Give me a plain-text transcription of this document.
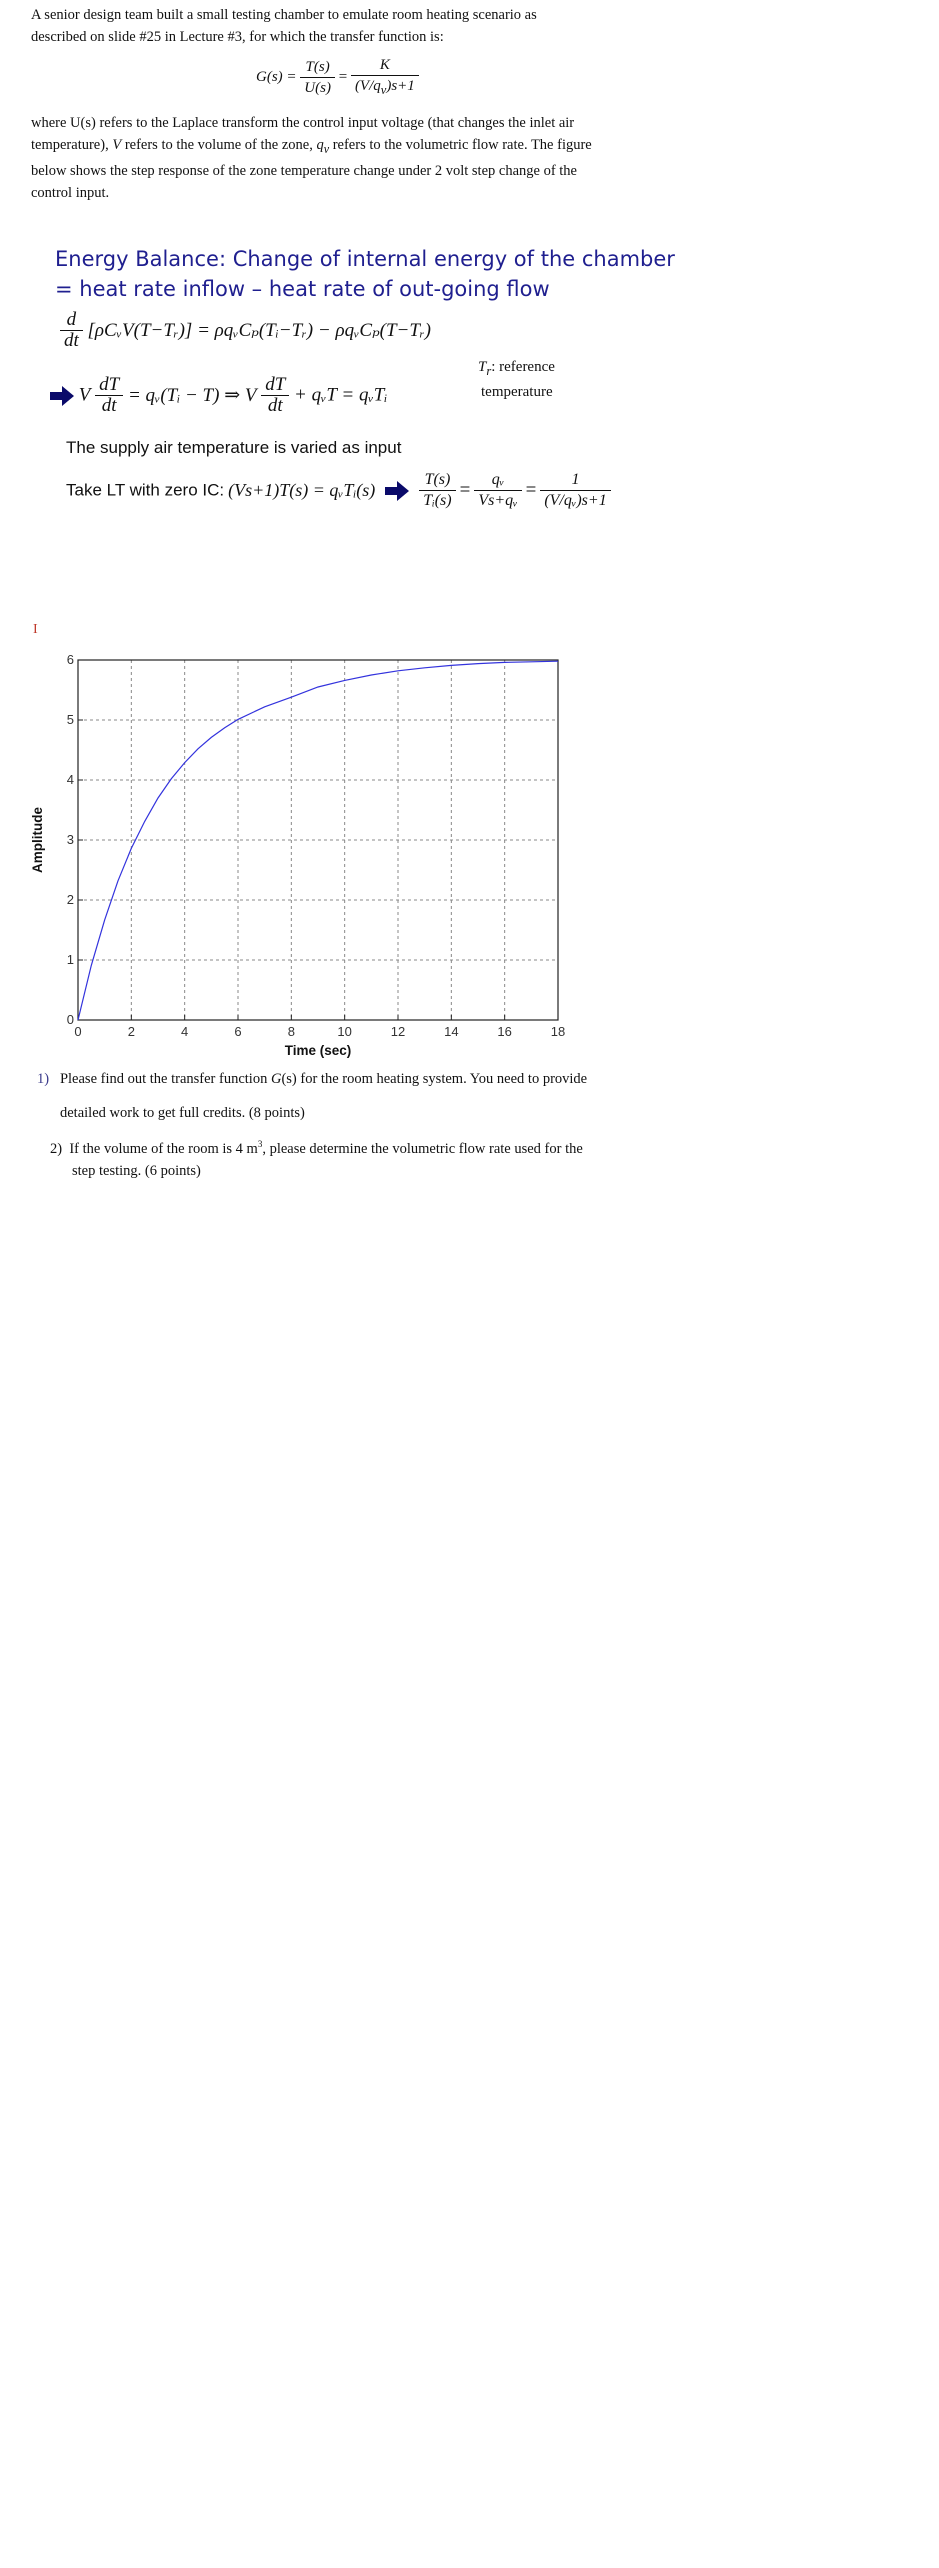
A senior design team built a small testing chamber to emulate room heating scenario as
described on slide #25 in Lecture #3, for which the transfer function is:
$G(s) = \frac{T(s)}{U(s)} = \frac{K}{(V/q_v)s+1}$
where U(s) refers to the Laplace transform the control input voltage (that changes the inlet air
temperature), V refers to the volume of the zone, $q_v$ refers to the volumetric flow rate. The figure
below shows the step response of the zone temperature change under 2 volt step change of the
control input.
Energy Balance: Change of internal energy of the chamber
= heat rate inflow – heat rate of out-going flow
$\frac{d}{dt}$ [ρCᵥV(T−Tᵣ)] = ρqᵥCₚ(Tᵢ−Tᵣ) − ρqᵥCₚ(T−Tᵣ)
$T_r$: reference
temperature
V $\frac{dT}{dt}$ = qᵥ(Tᵢ − T) ⇒ V $\frac{dT}{dt}$ + qᵥT = qᵥTᵢ
The supply air temperature is varied as input
Take LT with zero IC: (Vs+1)T(s) = qᵥTᵢ(s)	$\frac{T(s)}{\text{Tᵢ(s)}} = \frac{\text{qᵥ}}{\text{Vs+qᵥ}} = \frac{1}{\text{(V/qᵥ)s+1}}$
I
0	2	4	6	8	10	12	14	16	18
0
1
2
3
4
5
6
Time (sec)
Amplitude
1) Please find out the transfer function G(s) for the room heating system. You need to provide
detailed work to get full credits. (8 points)
2) If the volume of the room is 4 $m^3$, please determine the volumetric flow rate used for the
step testing. (6 points)
